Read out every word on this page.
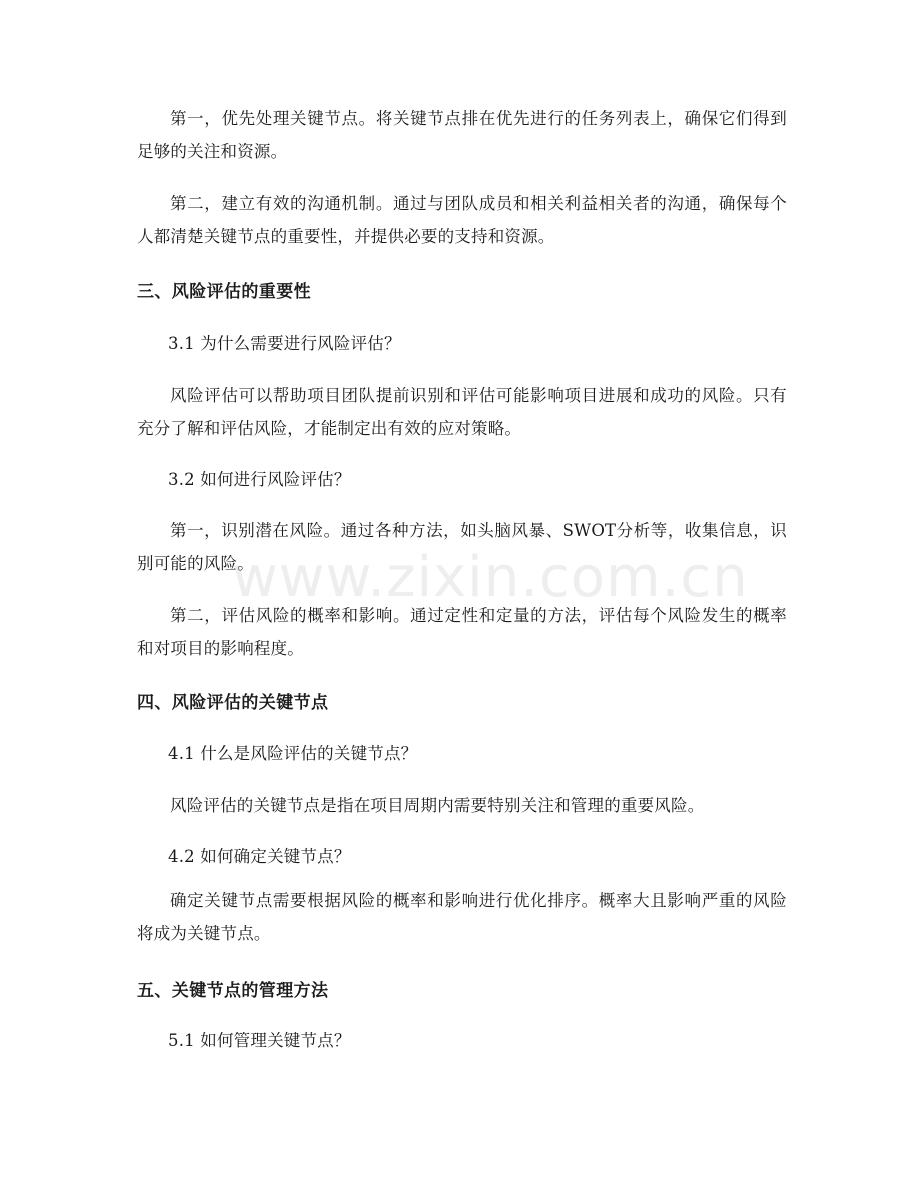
第一，优先处理关键节点。将关键节点排在优先进行的任务列表上，确保它们得到足够的关注和资源。

第二，建立有效的沟通机制。通过与团队成员和相关利益相关者的沟通，确保每个人都清楚关键节点的重要性，并提供必要的支持和资源。

三、风险评估的重要性

3.1 为什么需要进行风险评估？

风险评估可以帮助项目团队提前识别和评估可能影响项目进展和成功的风险。只有充分了解和评估风险，才能制定出有效的应对策略。

3.2 如何进行风险评估？

第一，识别潜在风险。通过各种方法，如头脑风暴、SWOT分析等，收集信息，识别可能的风险。

第二，评估风险的概率和影响。通过定性和定量的方法，评估每个风险发生的概率和对项目的影响程度。

四、风险评估的关键节点

4.1 什么是风险评估的关键节点？

风险评估的关键节点是指在项目周期内需要特别关注和管理的重要风险。

4.2 如何确定关键节点？

确定关键节点需要根据风险的概率和影响进行优化排序。概率大且影响严重的风险将成为关键节点。

五、关键节点的管理方法

5.1 如何管理关键节点？

www.zixin.com.cn
